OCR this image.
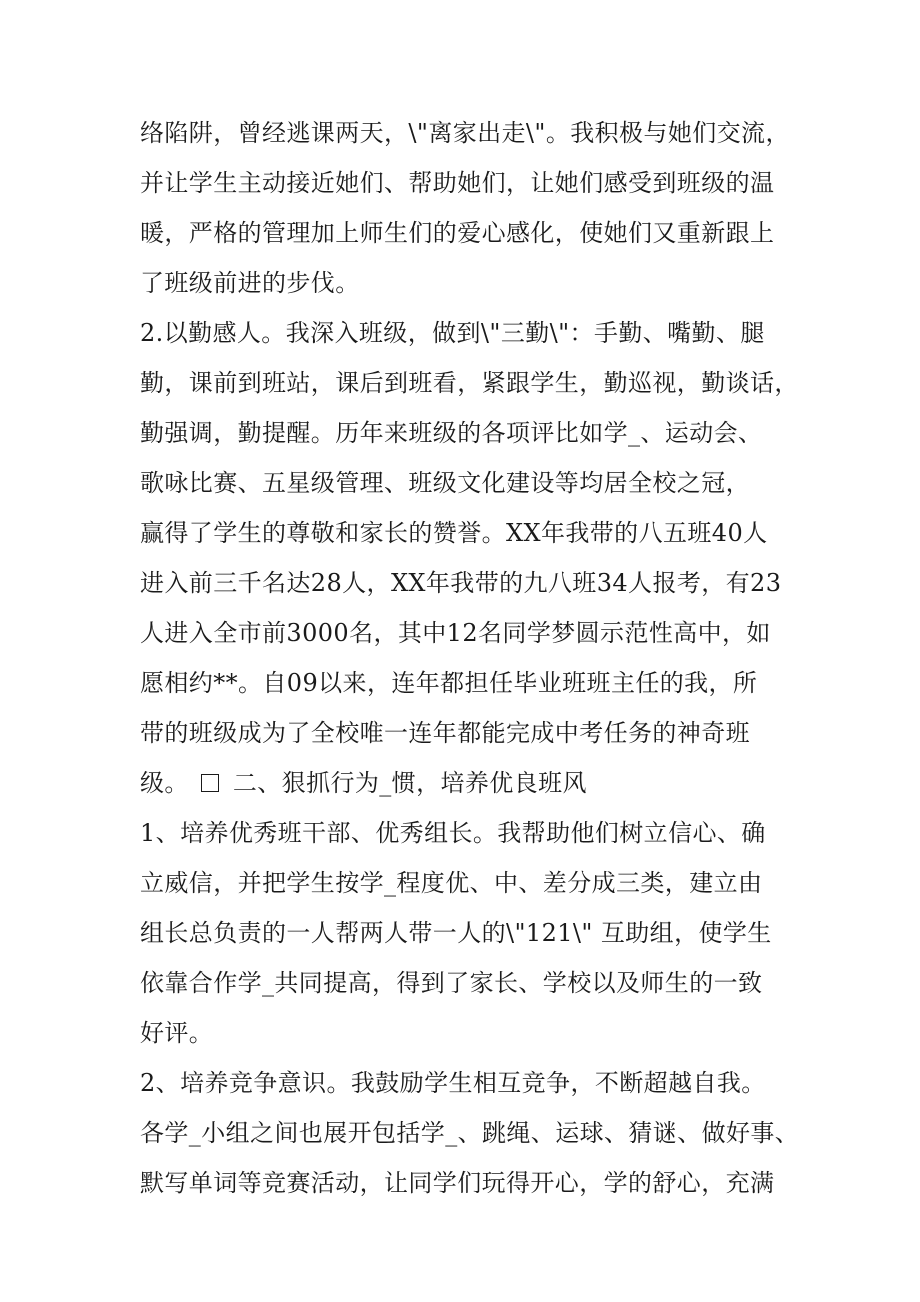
络陷阱，曾经逃课两天，\"离家出走\"。我积极与她们交流，
并让学生主动接近她们、帮助她们，让她们感受到班级的温
暖，严格的管理加上师生们的爱心感化，使她们又重新跟上
了班级前进的步伐。
2.以勤感人。我深入班级，做到\"三勤\"：手勤、嘴勤、腿
勤，课前到班站，课后到班看，紧跟学生，勤巡视，勤谈话，
勤强调，勤提醒。历年来班级的各项评比如学_、运动会、
歌咏比赛、五星级管理、班级文化建设等均居全校之冠，
赢得了学生的尊敬和家长的赞誉。XX年我带的八五班40人
进入前三千名达28人，XX年我带的九八班34人报考，有23
人进入全市前3000名，其中12名同学梦圆示范性高中，如
愿相约**。自09以来，连年都担任毕业班班主任的我，所
带的班级成为了全校唯一连年都能完成中考任务的神奇班
级。 二、狠抓行为_惯，培养优良班风
1、培养优秀班干部、优秀组长。我帮助他们树立信心、确
立威信，并把学生按学_程度优、中、差分成三类，建立由
组长总负责的一人帮两人带一人的\"121\" 互助组，使学生
依靠合作学_共同提高，得到了家长、学校以及师生的一致
好评。
2、培养竞争意识。我鼓励学生相互竞争，不断超越自我。
各学_小组之间也展开包括学_、跳绳、运球、猜谜、做好事、
默写单词等竞赛活动，让同学们玩得开心，学的舒心，充满
